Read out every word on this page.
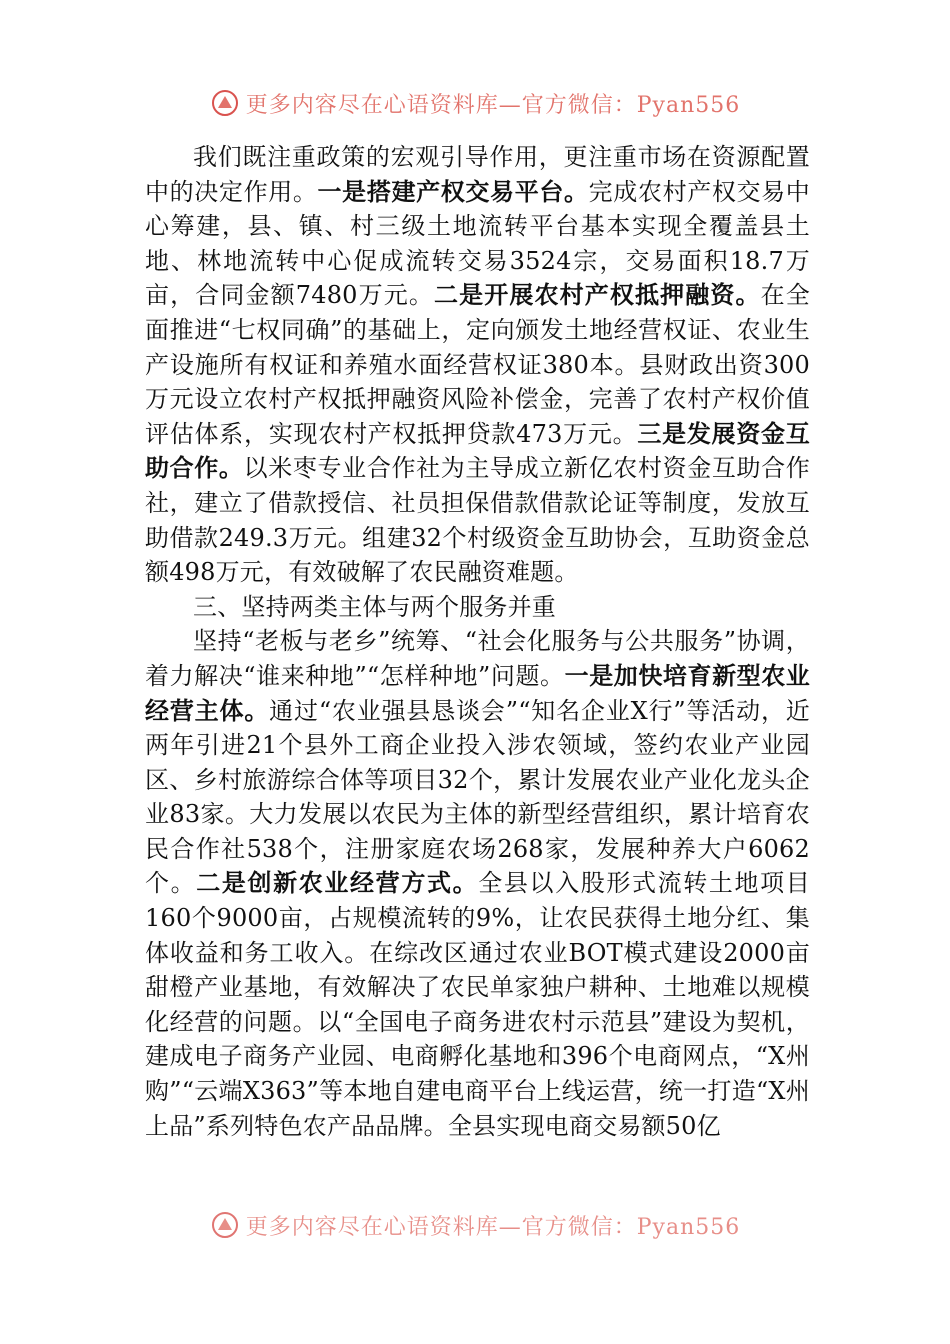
更多内容尽在心语资料库—官方微信：Pyan556

我们既注重政策的宏观引导作用，更注重市场在资源配置中的决定作用。一是搭建产权交易平台。完成农村产权交易中心筹建，县、镇、村三级土地流转平台基本实现全覆盖县土地、林地流转中心促成流转交易3524宗，交易面积18.7万亩，合同金额7480万元。二是开展农村产权抵押融资。在全面推进“七权同确”的基础上，定向颁发土地经营权证、农业生产设施所有权证和养殖水面经营权证380本。县财政出资300万元设立农村产权抵押融资风险补偿金，完善了农村产权价值评估体系，实现农村产权抵押贷款473万元。三是发展资金互助合作。以米枣专业合作社为主导成立新亿农村资金互助合作社，建立了借款授信、社员担保借款借款论证等制度，发放互助借款249.3万元。组建32个村级资金互助协会，互助资金总额498万元，有效破解了农民融资难题。

三、坚持两类主体与两个服务并重

坚持“老板与老乡”统筹、“社会化服务与公共服务”协调，着力解决“谁来种地”“怎样种地”问题。一是加快培育新型农业经营主体。通过“农业强县恳谈会”“知名企业X行”等活动，近两年引进21个县外工商企业投入涉农领域，签约农业产业园区、乡村旅游综合体等项目32个，累计发展农业产业化龙头企业83家。大力发展以农民为主体的新型经营组织，累计培育农民合作社538个，注册家庭农场268家，发展种养大户6062个。二是创新农业经营方式。全县以入股形式流转土地项目160个9000亩，占规模流转的9%，让农民获得土地分红、集体收益和务工收入。在综改区通过农业BOT模式建设2000亩甜橙产业基地，有效解决了农民单家独户耕种、土地难以规模化经营的问题。以“全国电子商务进农村示范县”建设为契机，建成电子商务产业园、电商孵化基地和396个电商网点，“X州购”“云端X363”等本地自建电商平台上线运营，统一打造“X州上品”系列特色农产品品牌。全县实现电商交易额50亿

更多内容尽在心语资料库—官方微信：Pyan556
